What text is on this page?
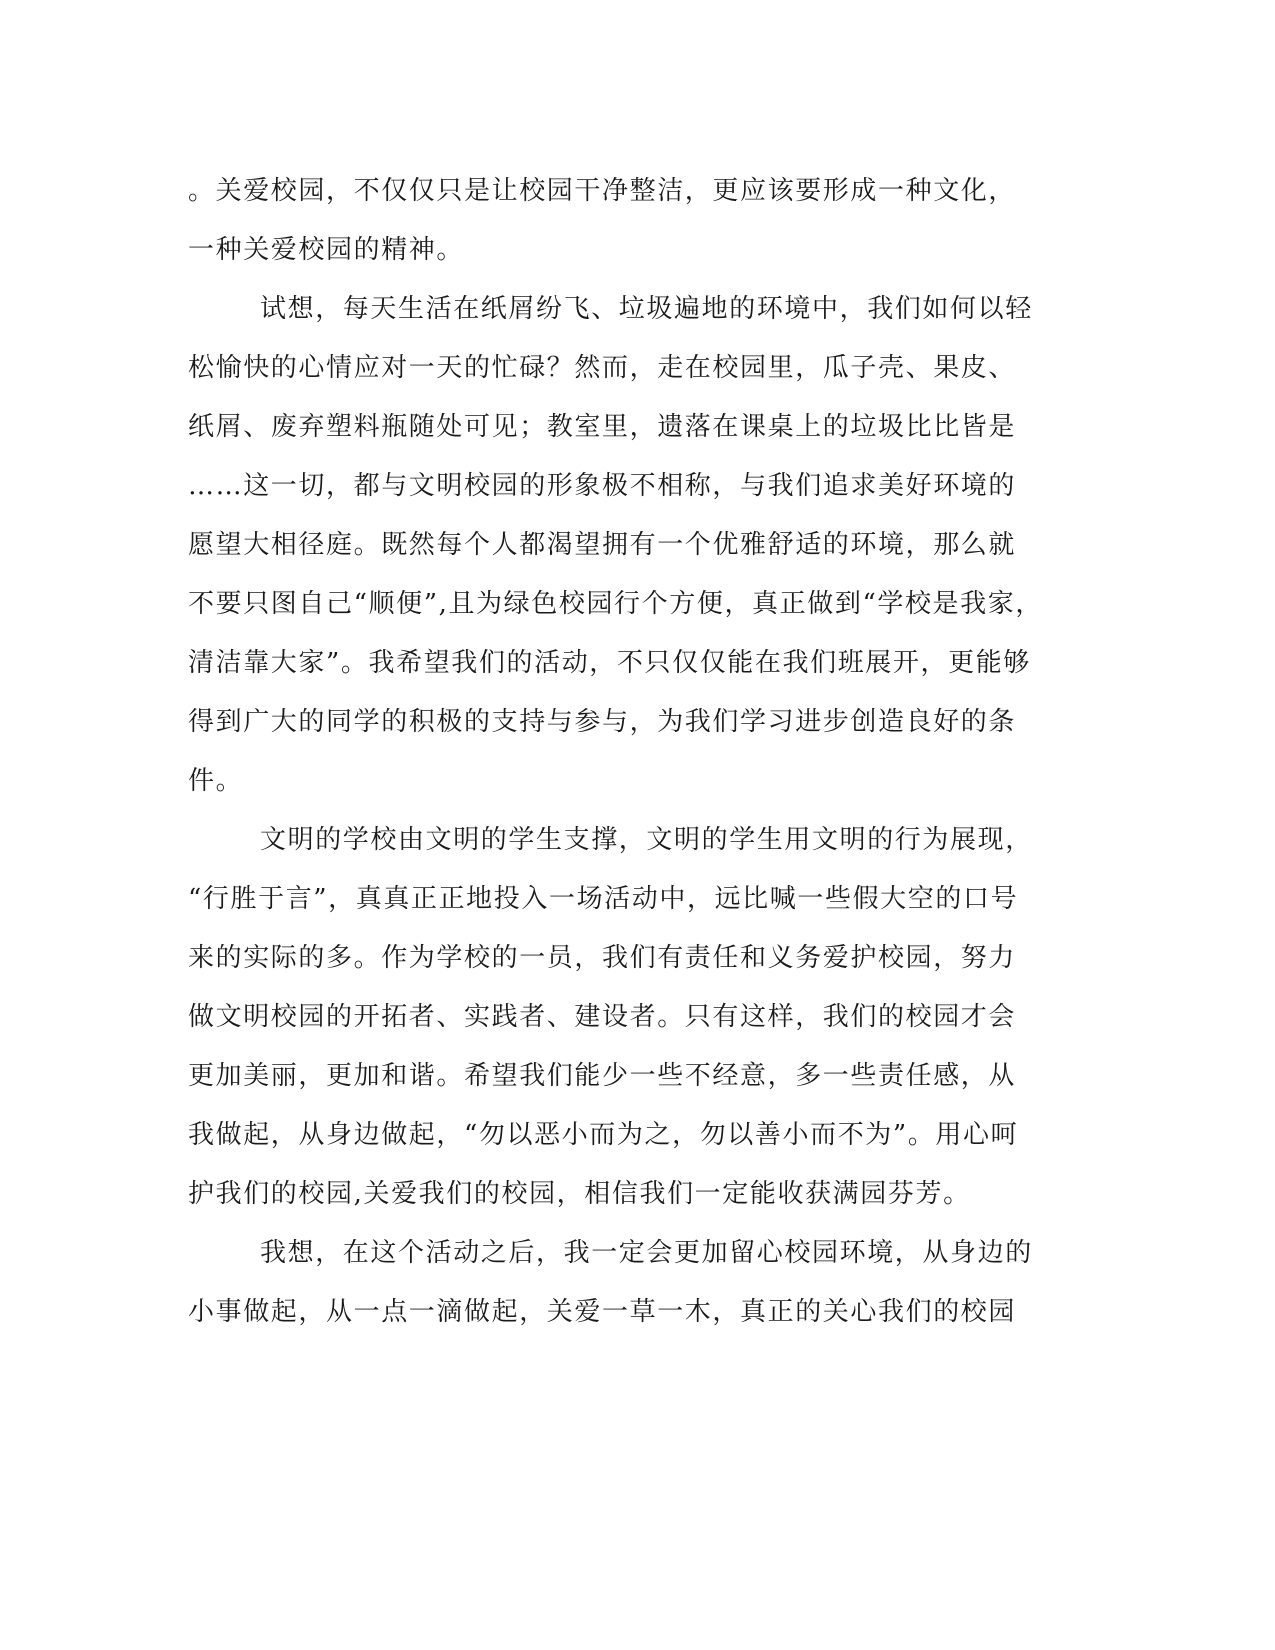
。关爱校园，不仅仅只是让校园干净整洁，更应该要形成一种文化，
一种关爱校园的精神。
试想，每天生活在纸屑纷飞、垃圾遍地的环境中，我们如何以轻
松愉快的心情应对一天的忙碌？然而，走在校园里，瓜子壳、果皮、
纸屑、废弃塑料瓶随处可见；教室里，遗落在课桌上的垃圾比比皆是
……这一切，都与文明校园的形象极不相称，与我们追求美好环境的
愿望大相径庭。既然每个人都渴望拥有一个优雅舒适的环境，那么就
不要只图自己“顺便”,且为绿色校园行个方便，真正做到“学校是我家，
清洁靠大家”。我希望我们的活动，不只仅仅能在我们班展开，更能够
得到广大的同学的积极的支持与参与，为我们学习进步创造良好的条
件。
文明的学校由文明的学生支撑，文明的学生用文明的行为展现，
“行胜于言”，真真正正地投入一场活动中，远比喊一些假大空的口号
来的实际的多。作为学校的一员，我们有责任和义务爱护校园，努力
做文明校园的开拓者、实践者、建设者。只有这样，我们的校园才会
更加美丽，更加和谐。希望我们能少一些不经意，多一些责任感，从
我做起，从身边做起，“勿以恶小而为之，勿以善小而不为”。用心呵
护我们的校园,关爱我们的校园，相信我们一定能收获满园芬芳。
我想，在这个活动之后，我一定会更加留心校园环境，从身边的
小事做起，从一点一滴做起，关爱一草一木，真正的关心我们的校园
